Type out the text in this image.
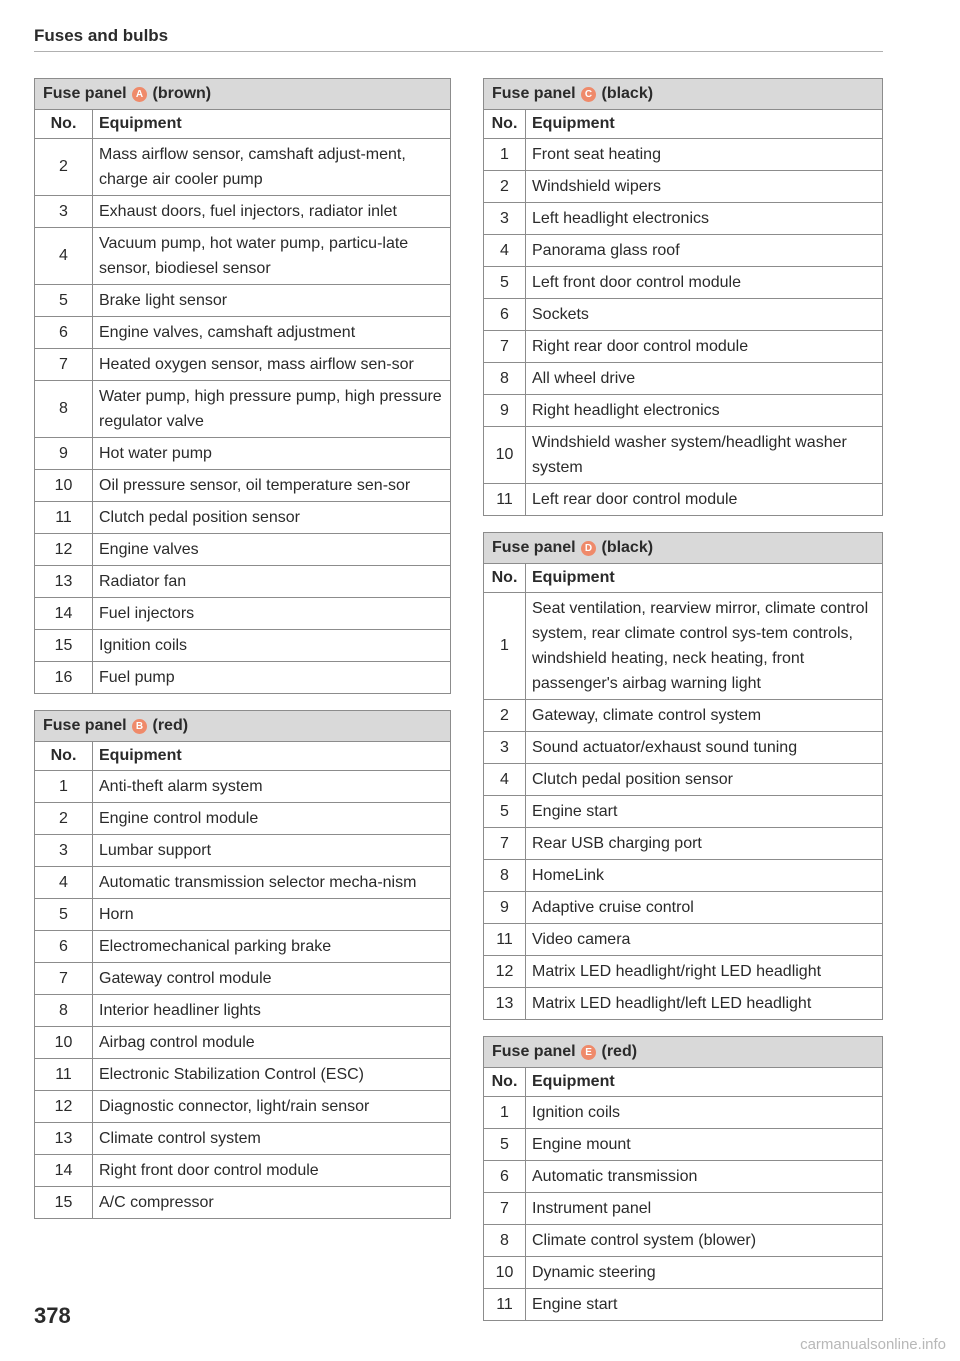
Fuses and bulbs
Fuse panel A (brown)	
No.	Equipment
2	Mass airflow sensor, camshaft adjust-ment, charge air cooler pump
3	Exhaust doors, fuel injectors, radiator inlet
4	Vacuum pump, hot water pump, particu-late sensor, biodiesel sensor
5	Brake light sensor
6	Engine valves, camshaft adjustment
7	Heated oxygen sensor, mass airflow sen-sor
8	Water pump, high pressure pump, high pressure regulator valve
9	Hot water pump
10	Oil pressure sensor, oil temperature sen-sor
11	Clutch pedal position sensor
12	Engine valves
13	Radiator fan
14	Fuel injectors
15	Ignition coils
16	Fuel pump
Fuse panel B (red)	
No.	Equipment
1	Anti-theft alarm system
2	Engine control module
3	Lumbar support
4	Automatic transmission selector mecha-nism
5	Horn
6	Electromechanical parking brake
7	Gateway control module
8	Interior headliner lights
10	Airbag control module
11	Electronic Stabilization Control (ESC)
12	Diagnostic connector, light/rain sensor
13	Climate control system
14	Right front door control module
15	A/C compressor
Fuse panel C (black)	
No.	Equipment
1	Front seat heating
2	Windshield wipers
3	Left headlight electronics
4	Panorama glass roof
5	Left front door control module
6	Sockets
7	Right rear door control module
8	All wheel drive
9	Right headlight electronics
10	Windshield washer system/headlight washer system
11	Left rear door control module
Fuse panel D (black)	
No.	Equipment
1	Seat ventilation, rearview mirror, climate control system, rear climate control sys-tem controls, windshield heating, neck heating, front passenger's airbag warning light
2	Gateway, climate control system
3	Sound actuator/exhaust sound tuning
4	Clutch pedal position sensor
5	Engine start
7	Rear USB charging port
8	HomeLink
9	Adaptive cruise control
11	Video camera
12	Matrix LED headlight/right LED headlight
13	Matrix LED headlight/left LED headlight
Fuse panel E (red)	
No.	Equipment
1	Ignition coils
5	Engine mount
6	Automatic transmission
7	Instrument panel
8	Climate control system (blower)
10	Dynamic steering
11	Engine start
378
carmanualsonline.info
